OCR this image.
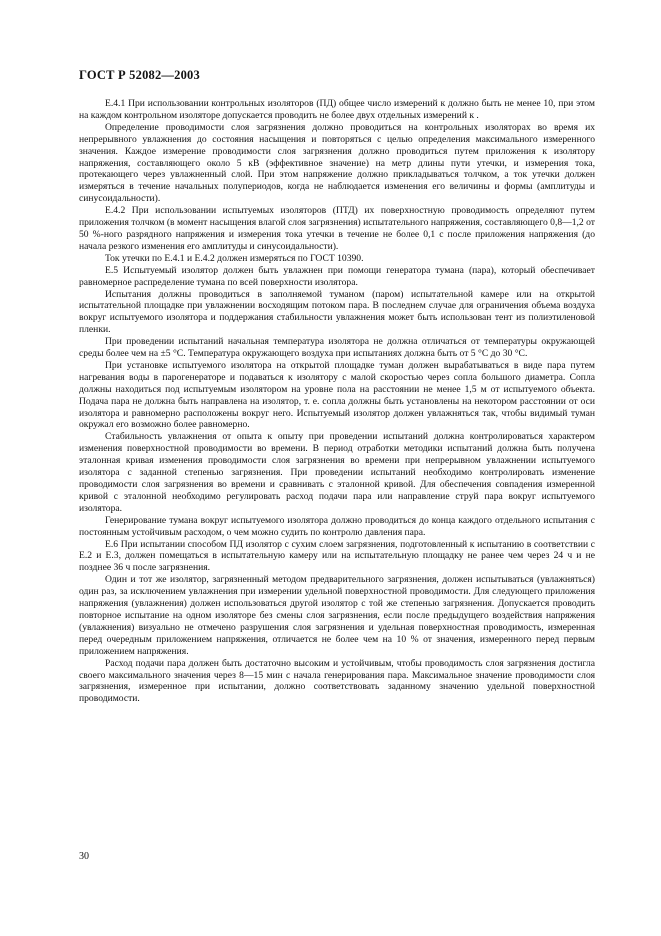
ГОСТ Р 52082—2003

Е.4.1 При использовании контрольных изоляторов (ПД) общее число измерений к должно быть не менее 10, при этом на каждом контрольном изоляторе допускается проводить не более двух отдельных измерений к .

Определение проводимости слоя загрязнения должно проводиться на контрольных изоляторах во время их непрерывного увлажнения до состояния насыщения и повторяться с целью определения максимального измеренного значения. Каждое измерение проводимости слоя загрязнения должно проводиться путем приложения к изолятору напряжения, составляющего около 5 кВ (эффективное значение) на метр длины пути утечки, и измерения тока, протекающего через увлажненный слой. При этом напряжение должно прикладываться толчком, а ток утечки должен измеряться в течение начальных полупериодов, когда не наблюдается изменения его величины и формы (амплитуды и синусоидальности).

Е.4.2 При использовании испытуемых изоляторов (ПТД) их поверхностную проводимость определяют путем приложения толчком (в момент насыщения влагой слоя загрязнения) испытательного напряжения, составляющего 0,8—1,2 от 50 %-ного разрядного напряжения и измерения тока утечки в течение не более 0,1 с после приложения напряжения (до начала резкого изменения его амплитуды и синусоидальности).

Ток утечки по Е.4.1 и Е.4.2 должен измеряться по ГОСТ 10390.

Е.5 Испытуемый изолятор должен быть увлажнен при помощи генератора тумана (пара), который обеспечивает равномерное распределение тумана по всей поверхности изолятора.

Испытания должны проводиться в заполняемой туманом (паром) испытательной камере или на открытой испытательной площадке при увлажнении восходящим потоком пара. В последнем случае для ограничения объема воздуха вокруг испытуемого изолятора и поддержания стабильности увлажнения может быть использован тент из полиэтиленовой пленки.

При проведении испытаний начальная температура изолятора не должна отличаться от температуры окружающей среды более чем на ±5 °С. Температура окружающего воздуха при испытаниях должна быть от 5 °С до 30 °С.

При установке испытуемого изолятора на открытой площадке туман должен вырабатываться в виде пара путем нагревания воды в парогенераторе и подаваться к изолятору с малой скоростью через сопла большого диаметра. Сопла должны находиться под испытуемым изолятором на уровне пола на расстоянии не менее 1,5 м от испытуемого объекта. Подача пара не должна быть направлена на изолятор, т. е. сопла должны быть установлены на некотором расстоянии от оси изолятора и равномерно расположены вокруг него. Испытуемый изолятор должен увлажняться так, чтобы видимый туман окружал его возможно более равномерно.

Стабильность увлажнения от опыта к опыту при проведении испытаний должна контролироваться характером изменения поверхностной проводимости во времени. В период отработки методики испытаний должна быть получена эталонная кривая изменения проводимости слоя загрязнения во времени при непрерывном увлажнении испытуемого изолятора с заданной степенью загрязнения. При проведении испытаний необходимо контролировать изменение проводимости слоя загрязнения во времени и сравнивать с эталонной кривой. Для обеспечения совпадения измеренной кривой с эталонной необходимо регулировать расход подачи пара или направление струй пара вокруг испытуемого изолятора.

Генерирование тумана вокруг испытуемого изолятора должно проводиться до конца каждого отдельного испытания с постоянным устойчивым расходом, о чем можно судить по контролю давления пара.

Е.6 При испытании способом ПД изолятор с сухим слоем загрязнения, подготовленный к испытанию в соответствии с Е.2 и Е.3, должен помещаться в испытательную камеру или на испытательную площадку не ранее чем через 24 ч и не позднее 36 ч после загрязнения.

Один и тот же изолятор, загрязненный методом предварительного загрязнения, должен испытываться (увлажняться) один раз, за исключением увлажнения при измерении удельной поверхностной проводимости. Для следующего приложения напряжения (увлажнения) должен использоваться другой изолятор с той же степенью загрязнения. Допускается проводить повторное испытание на одном изоляторе без смены слоя загрязнения, если после предыдущего воздействия напряжения (увлажнения) визуально не отмечено разрушения слоя загрязнения и удельная поверхностная проводимость, измеренная перед очередным приложением напряжения, отличается не более чем на 10 % от значения, измеренного перед первым приложением напряжения.

Расход подачи пара должен быть достаточно высоким и устойчивым, чтобы проводимость слоя загрязнения достигла своего максимального значения через 8—15 мин с начала генерирования пара. Максимальное значение проводимости слоя загрязнения, измеренное при испытании, должно соответствовать заданному значению удельной поверхностной проводимости.

30
